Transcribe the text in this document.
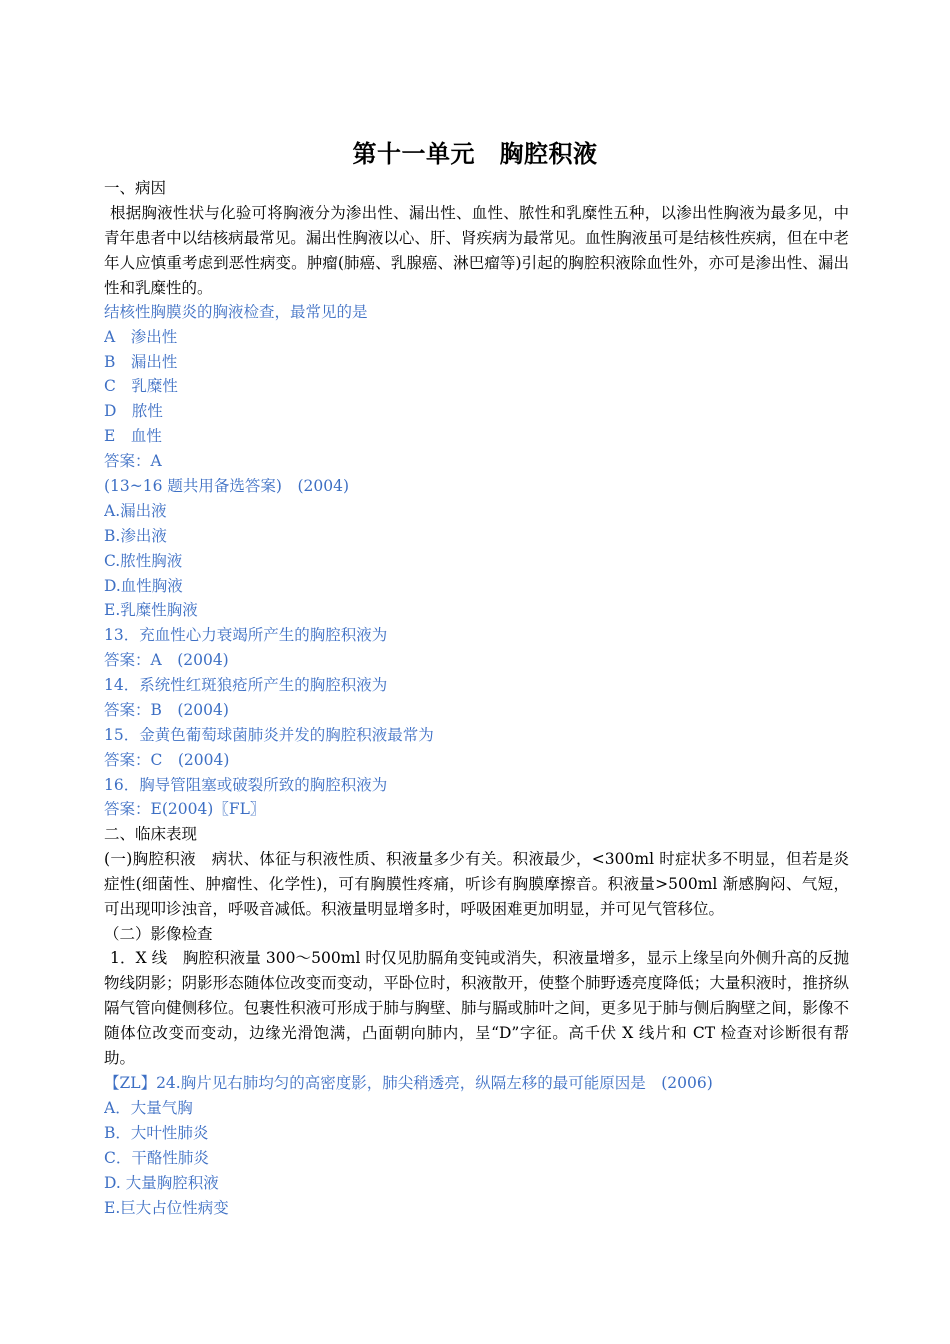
第十一单元　胸腔积液
一、病因
根据胸液性状与化验可将胸液分为渗出性、漏出性、血性、脓性和乳糜性五种，以渗出性胸液为最多见，中青年患者中以结核病最常见。漏出性胸液以心、肝、肾疾病为最常见。血性胸液虽可是结核性疾病，但在中老年人应慎重考虑到恶性病变。肿瘤(肺癌、乳腺癌、淋巴瘤等)引起的胸腔积液除血性外，亦可是渗出性、漏出性和乳糜性的。
结核性胸膜炎的胸液检查，最常见的是
A　渗出性
B　漏出性
C　乳糜性
D　脓性
E　血性
答案：A
(13~16 题共用备选答案)　(2004)
A.漏出液
B.渗出液
C.脓性胸液
D.血性胸液
E.乳糜性胸液
13．充血性心力衰竭所产生的胸腔积液为
答案：A　(2004)
14．系统性红斑狼疮所产生的胸腔积液为
答案：B　(2004)
15．金黄色葡萄球菌肺炎并发的胸腔积液最常为
答案：C　(2004)
16．胸导管阻塞或破裂所致的胸腔积液为
答案：E(2004)〖FL〗
二、临床表现
(一)胸腔积液　病状、体征与积液性质、积液量多少有关。积液最少，<300ml 时症状多不明显，但若是炎症性(细菌性、肿瘤性、化学性)，可有胸膜性疼痛，听诊有胸膜摩擦音。积液量>500ml 渐感胸闷、气短，可出现叩诊浊音，呼吸音减低。积液量明显增多时，呼吸困难更加明显，并可见气管移位。
（二）影像检查
1．X 线　胸腔积液量 300～500ml 时仅见肋膈角变钝或消失，积液量增多，显示上缘呈向外侧升高的反抛物线阴影；阴影形态随体位改变而变动，平卧位时，积液散开，使整个肺野透亮度降低；大量积液时，推挤纵隔气管向健侧移位。包裹性积液可形成于肺与胸壁、肺与膈或肺叶之间，更多见于肺与侧后胸壁之间，影像不随体位改变而变动，边缘光滑饱满，凸面朝向肺内，呈“D”字征。高千伏 X 线片和 CT 检查对诊断很有帮助。
【ZL】24.胸片见右肺均匀的高密度影，肺尖稍透亮，纵隔左移的最可能原因是　(2006)
A．大量气胸
B．大叶性肺炎
C．干酪性肺炎
D. 大量胸腔积液
E.巨大占位性病变
